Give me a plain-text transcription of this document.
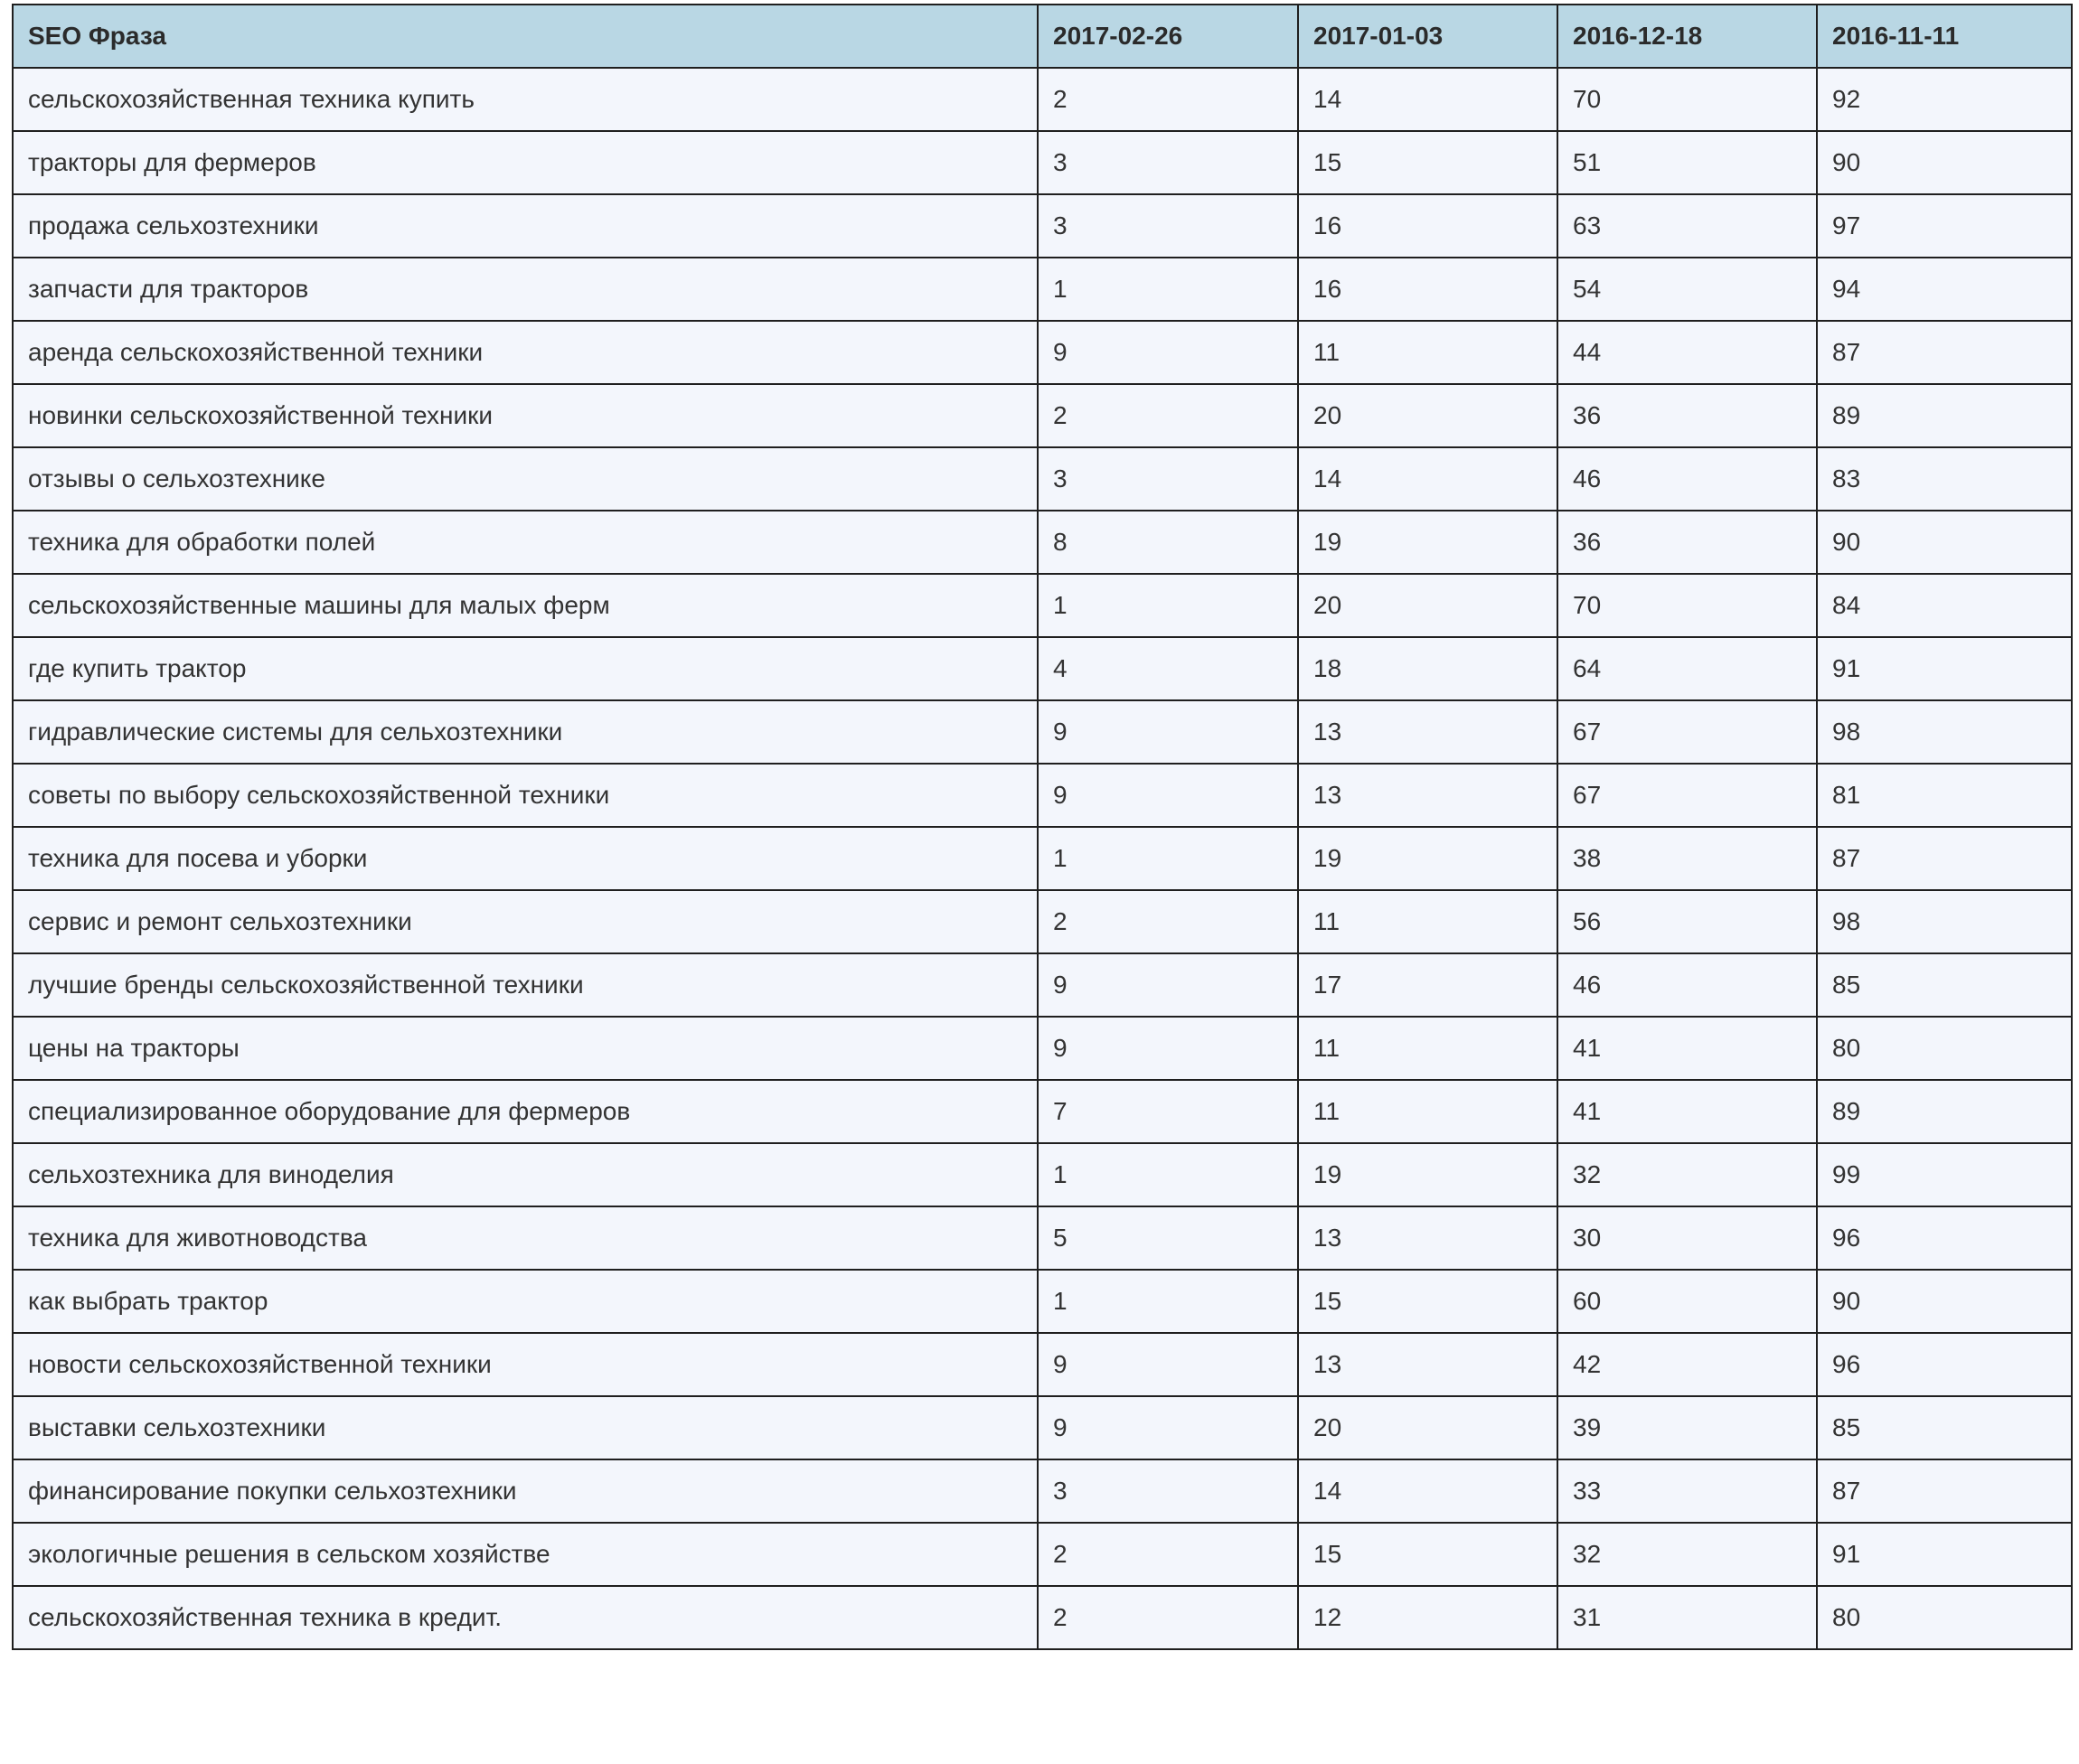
SEO Фраза	2017-02-26	2017-01-03	2016-12-18	2016-11-11
сельскохозяйственная техника купить	2	14	70	92
тракторы для фермеров	3	15	51	90
продажа сельхозтехники	3	16	63	97
запчасти для тракторов	1	16	54	94
аренда сельскохозяйственной техники	9	11	44	87
новинки сельскохозяйственной техники	2	20	36	89
отзывы о сельхозтехнике	3	14	46	83
техника для обработки полей	8	19	36	90
сельскохозяйственные машины для малых ферм	1	20	70	84
где купить трактор	4	18	64	91
гидравлические системы для сельхозтехники	9	13	67	98
советы по выбору сельскохозяйственной техники	9	13	67	81
техника для посева и уборки	1	19	38	87
сервис и ремонт сельхозтехники	2	11	56	98
лучшие бренды сельскохозяйственной техники	9	17	46	85
цены на тракторы	9	11	41	80
специализированное оборудование для фермеров	7	11	41	89
сельхозтехника для виноделия	1	19	32	99
техника для животноводства	5	13	30	96
как выбрать трактор	1	15	60	90
новости сельскохозяйственной техники	9	13	42	96
выставки сельхозтехники	9	20	39	85
финансирование покупки сельхозтехники	3	14	33	87
экологичные решения в сельском хозяйстве	2	15	32	91
сельскохозяйственная техника в кредит.	2	12	31	80
